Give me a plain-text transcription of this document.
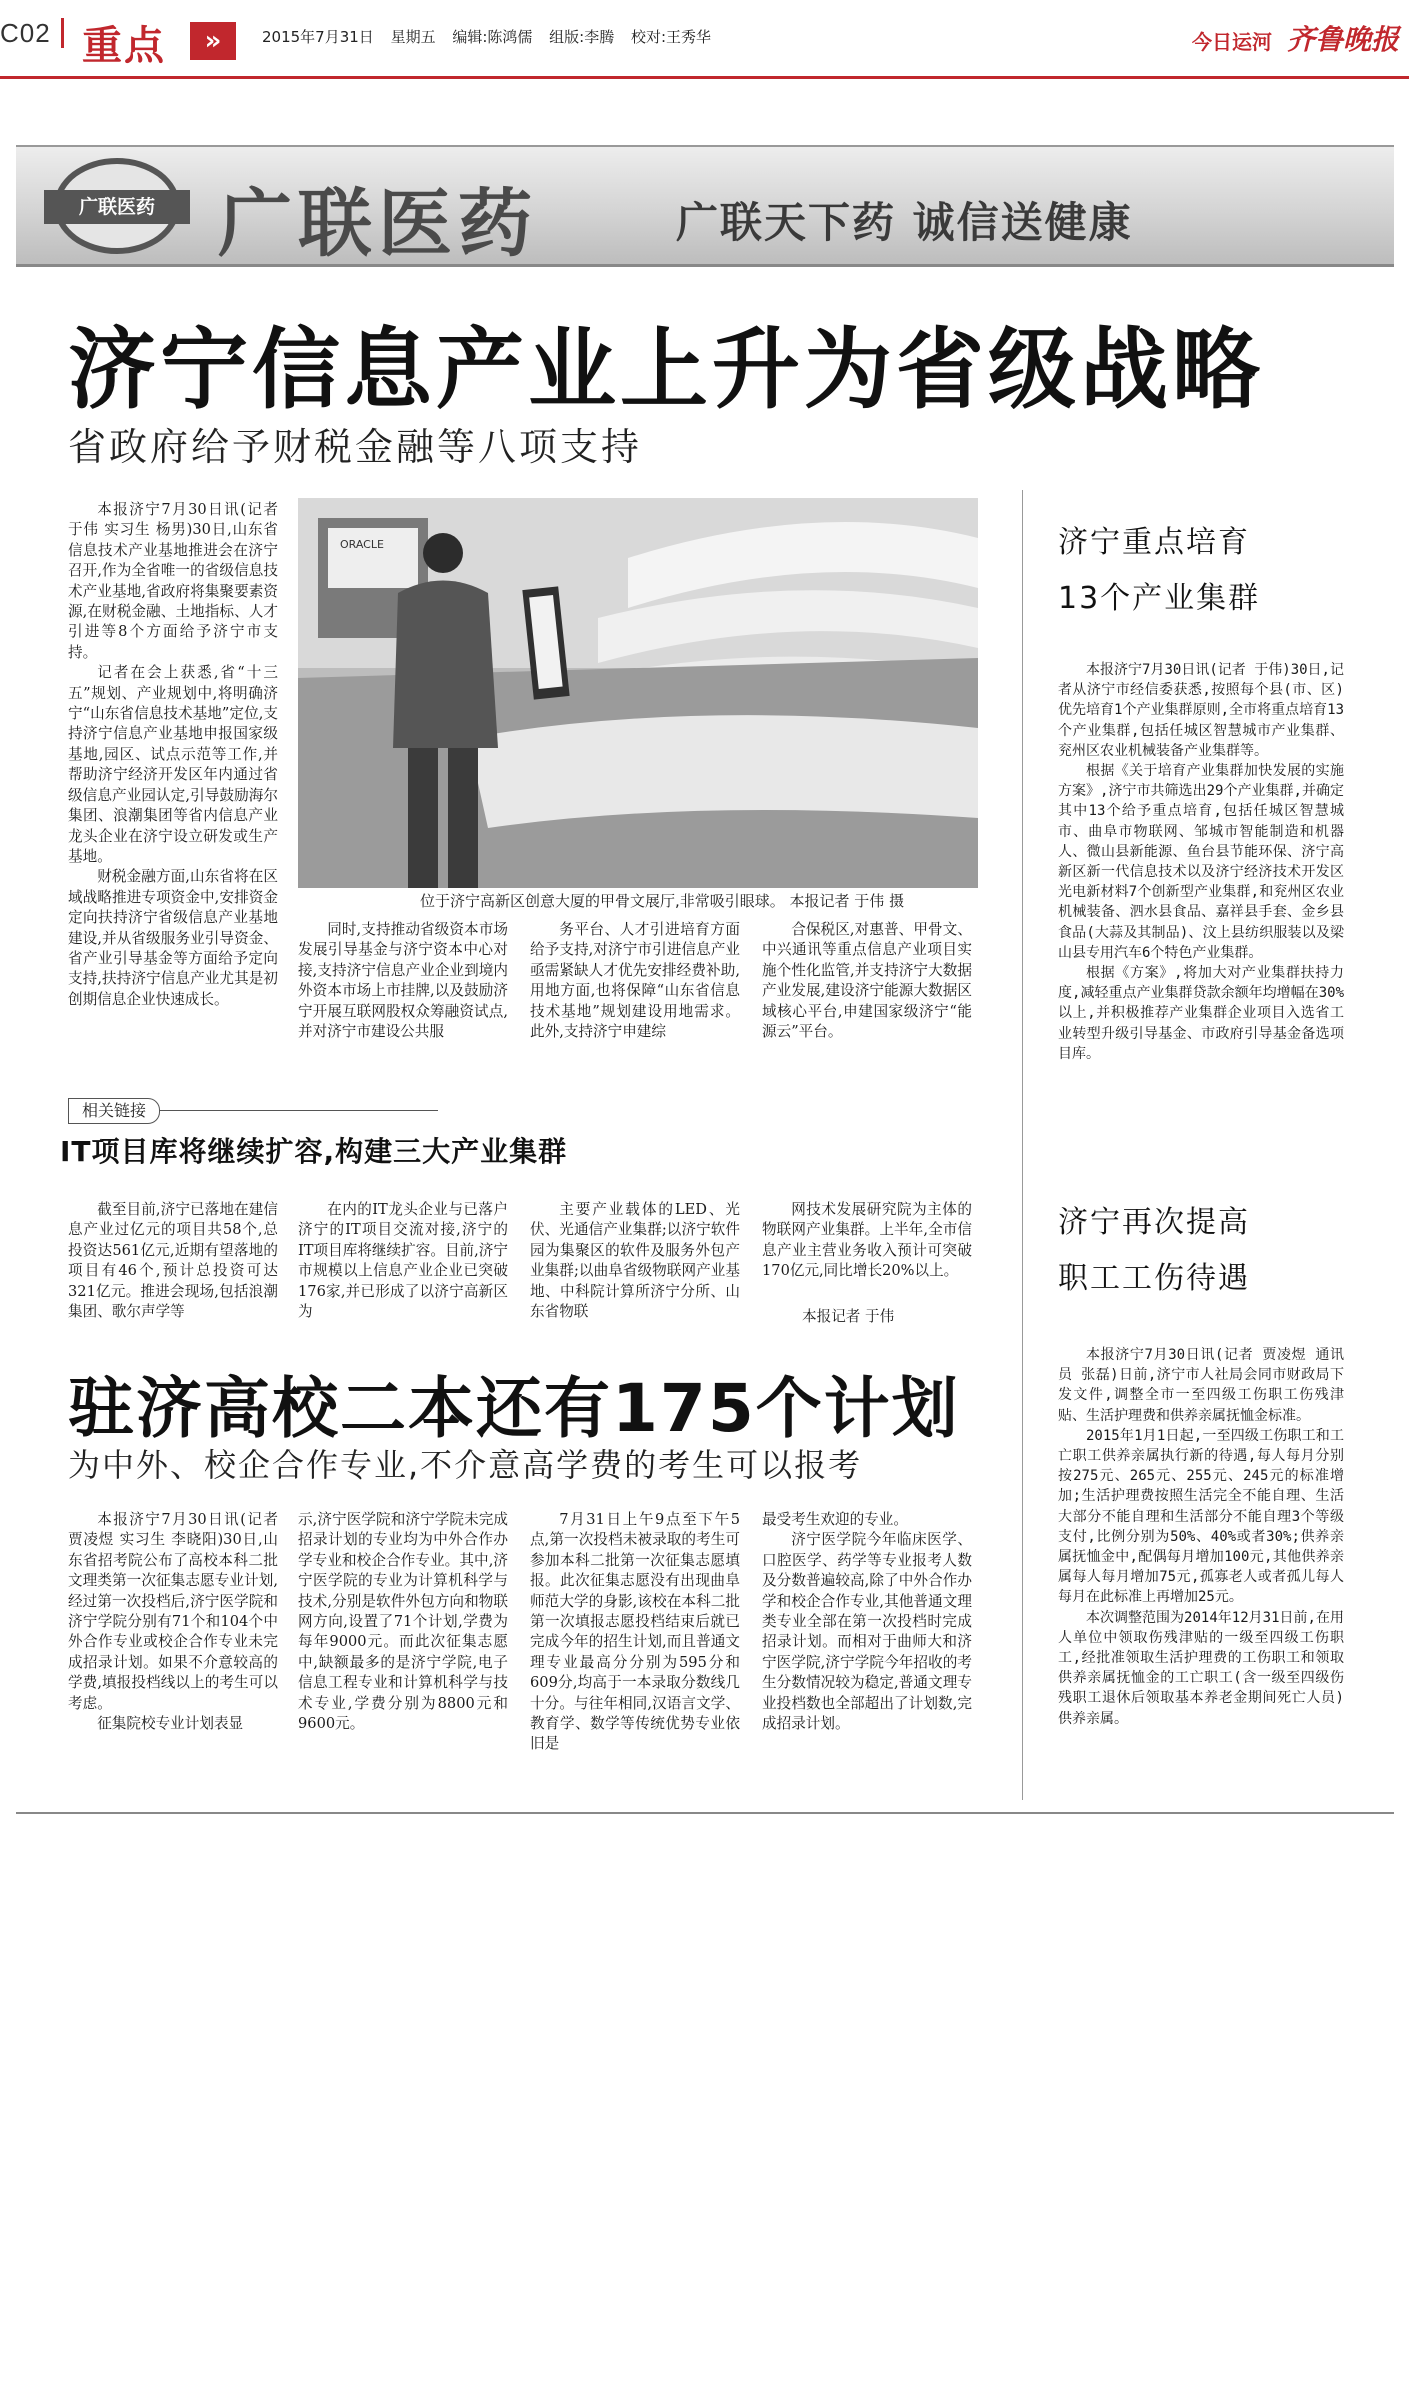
C02 重点	»	2015年7月31日 星期五 编辑:陈鸿儒 组版:李腾 校对:王秀华	今日运河 齐鲁晚报
广联医药 广联医药	广联天下药 诚信送健康
济宁信息产业上升为省级战略
省政府给予财税金融等八项支持

本报济宁7月30日讯(记者 于伟 实习生 杨男)30日,山东省信息技术产业基地推进会在济宁召开,作为全省唯一的省级信息技术产业基地,省政府将集聚要素资源,在财税金融、土地指标、人才引进等8个方面给予济宁市支持。

记者在会上获悉,省“十三五”规划、产业规划中,将明确济宁“山东省信息技术基地”定位,支持济宁信息产业基地申报国家级基地,园区、试点示范等工作,并帮助济宁经济开发区年内通过省级信息产业园认定,引导鼓励海尔集团、浪潮集团等省内信息产业龙头企业在济宁设立研发或生产基地。

财税金融方面,山东省将在区域战略推进专项资金中,安排资金定向扶持济宁省级信息产业基地建设,并从省级服务业引导资金、省产业引导基金等方面给予定向支持,扶持济宁信息产业尤其是初创期信息企业快速成长。

ORACLE
位于济宁高新区创意大厦的甲骨文展厅,非常吸引眼球。 本报记者 于伟 摄

同时,支持推动省级资本市场发展引导基金与济宁资本中心对接,支持济宁信息产业企业到境内外资本市场上市挂牌,以及鼓励济宁开展互联网股权众筹融资试点,并对济宁市建设公共服

务平台、人才引进培育方面给予支持,对济宁市引进信息产业亟需紧缺人才优先安排经费补助,用地方面,也将保障“山东省信息技术基地”规划建设用地需求。此外,支持济宁申建综

合保税区,对惠普、甲骨文、中兴通讯等重点信息产业项目实施个性化监管,并支持济宁大数据产业发展,建设济宁能源大数据区域核心平台,申建国家级济宁“能源云”平台。

相关链接
IT项目库将继续扩容,构建三大产业集群

截至目前,济宁已落地在建信息产业过亿元的项目共58个,总投资达561亿元,近期有望落地的项目有46个,预计总投资可达321亿元。推进会现场,包括浪潮集团、歌尔声学等

在内的IT龙头企业与已落户济宁的IT项目交流对接,济宁的IT项目库将继续扩容。目前,济宁市规模以上信息产业企业已突破176家,并已形成了以济宁高新区为

主要产业载体的LED、光伏、光通信产业集群;以济宁软件园为集聚区的软件及服务外包产业集群;以曲阜省级物联网产业基地、中科院计算所济宁分所、山东省物联

网技术发展研究院为主体的物联网产业集群。上半年,全市信息产业主营业务收入预计可突破170亿元,同比增长20%以上。

本报记者 于伟
驻济高校二本还有175个计划
为中外、校企合作专业,不介意高学费的考生可以报考

本报济宁7月30日讯(记者 贾凌煜 实习生 李晓阳)30日,山东省招考院公布了高校本科二批文理类第一次征集志愿专业计划,经过第一次投档后,济宁医学院和济宁学院分别有71个和104个中外合作专业或校企合作专业未完成招录计划。如果不介意较高的学费,填报投档线以上的考生可以考虑。

征集院校专业计划表显

示,济宁医学院和济宁学院未完成招录计划的专业均为中外合作办学专业和校企合作专业。其中,济宁医学院的专业为计算机科学与技术,分别是软件外包方向和物联网方向,设置了71个计划,学费为每年9000元。而此次征集志愿中,缺额最多的是济宁学院,电子信息工程专业和计算机科学与技术专业,学费分别为8800元和9600元。

7月31日上午9点至下午5点,第一次投档未被录取的考生可参加本科二批第一次征集志愿填报。此次征集志愿没有出现曲阜师范大学的身影,该校在本科二批第一次填报志愿投档结束后就已完成今年的招生计划,而且普通文理专业最高分分别为595分和609分,均高于一本录取分数线几十分。与往年相同,汉语言文学、教育学、数学等传统优势专业依旧是

最受考生欢迎的专业。

济宁医学院今年临床医学、口腔医学、药学等专业报考人数及分数普遍较高,除了中外合作办学和校企合作专业,其他普通文理类专业全部在第一次投档时完成招录计划。而相对于曲师大和济宁医学院,济宁学院今年招收的考生分数情况较为稳定,普通文理专业投档数也全部超出了计划数,完成招录计划。

济宁重点培育
13个产业集群

本报济宁7月30日讯(记者 于伟)30日,记者从济宁市经信委获悉,按照每个县(市、区)优先培育1个产业集群原则,全市将重点培育13个产业集群,包括任城区智慧城市产业集群、兖州区农业机械装备产业集群等。

根据《关于培育产业集群加快发展的实施方案》,济宁市共筛选出29个产业集群,并确定其中13个给予重点培育,包括任城区智慧城市、曲阜市物联网、邹城市智能制造和机器人、微山县新能源、鱼台县节能环保、济宁高新区新一代信息技术以及济宁经济技术开发区光电新材料7个创新型产业集群,和兖州区农业机械装备、泗水县食品、嘉祥县手套、金乡县食品(大蒜及其制品)、汶上县纺织服装以及梁山县专用汽车6个特色产业集群。

根据《方案》,将加大对产业集群扶持力度,减轻重点产业集群贷款余额年均增幅在30%以上,并积极推荐产业集群企业项目入选省工业转型升级引导基金、市政府引导基金备选项目库。

济宁再次提高
职工工伤待遇

本报济宁7月30日讯(记者 贾凌煜 通讯员 张磊)日前,济宁市人社局会同市财政局下发文件,调整全市一至四级工伤职工伤残津贴、生活护理费和供养亲属抚恤金标准。

2015年1月1日起,一至四级工伤职工和工亡职工供养亲属执行新的待遇,每人每月分别按275元、265元、255元、245元的标准增加;生活护理费按照生活完全不能自理、生活大部分不能自理和生活部分不能自理3个等级支付,比例分别为50%、40%或者30%;供养亲属抚恤金中,配偶每月增加100元,其他供养亲属每人每月增加75元,孤寡老人或者孤儿每人每月在此标准上再增加25元。

本次调整范围为2014年12月31日前,在用人单位中领取伤残津贴的一级至四级工伤职工,经批准领取生活护理费的工伤职工和领取供养亲属抚恤金的工亡职工(含一级至四级伤残职工退休后领取基本养老金期间死亡人员)供养亲属。
